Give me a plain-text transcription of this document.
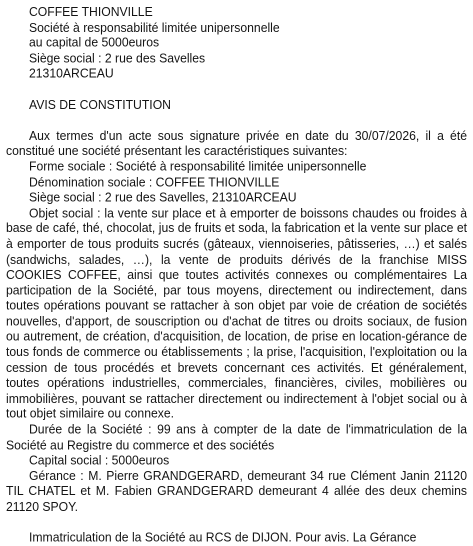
COFFEE THIONVILLE

Société à responsabilité limitée unipersonnelle

au capital de 5000euros

Siège social : 2 rue des Savelles

21310ARCEAU

AVIS DE CONSTITUTION

Aux termes d'un acte sous signature privée en date du 30/07/2026, il a été constitué une société présentant les caractéristiques suivantes:

Forme sociale : Société à responsabilité limitée unipersonnelle

Dénomination sociale : COFFEE THIONVILLE

Siège social : 2 rue des Savelles, 21310ARCEAU

Objet social : la vente sur place et à emporter de boissons chaudes ou froides à base de café, thé, chocolat, jus de fruits et soda, la fabrication et la vente sur place et à emporter de tous produits sucrés (gâteaux, viennoiseries, pâtisseries, …) et salés (sandwichs, salades, …), la vente de produits dérivés de la franchise MISS COOKIES COFFEE, ainsi que toutes activités connexes ou complémentaires La participation de la Société, par tous moyens, directement ou indirectement, dans toutes opérations pouvant se rattacher à son objet par voie de création de sociétés nouvelles, d'apport, de souscription ou d'achat de titres ou droits sociaux, de fusion ou autrement, de création, d'acquisition, de location, de prise en location-gérance de tous fonds de commerce ou établissements ; la prise, l'acquisition, l'exploitation ou la cession de tous procédés et brevets concernant ces activités. Et généralement, toutes opérations industrielles, commerciales, financières, civiles, mobilières ou immobilières, pouvant se rattacher directement ou indirectement à l'objet social ou à tout objet similaire ou connexe.

Durée de la Société : 99 ans à compter de la date de l'immatriculation de la Société au Registre du commerce et des sociétés

Capital social : 5000euros

Gérance : M. Pierre GRANDGERARD, demeurant 34 rue Clément Janin 21120 TIL CHATEL et M. Fabien GRANDGERARD demeurant 4 allée des deux chemins 21120 SPOY.

Immatriculation de la Société au RCS de DIJON. Pour avis. La Gérance
